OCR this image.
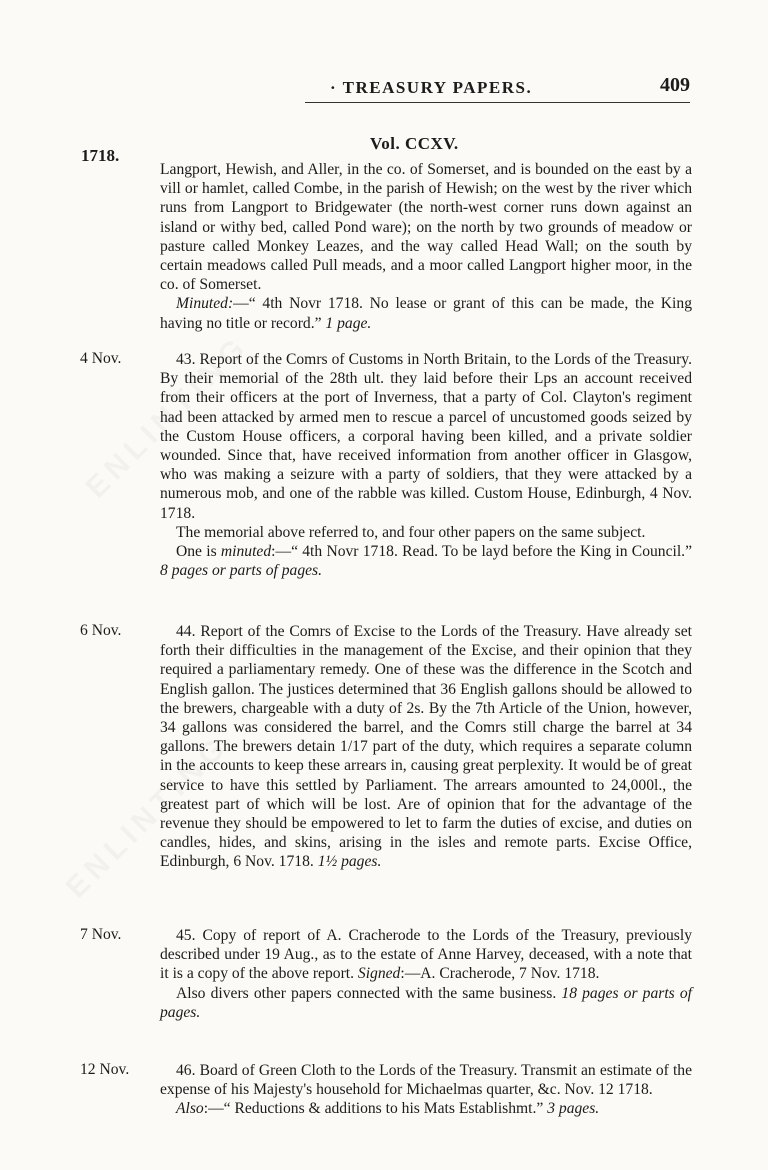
· TREASURY PAPERS.	409
1718.
Vol. CCXV.

Langport, Hewish, and Aller, in the co. of Somerset, and is bounded on the east by a vill or hamlet, called Combe, in the parish of Hewish; on the west by the river which runs from Langport to Bridgewater (the north-west corner runs down against an island or withy bed, called Pond ware); on the north by two grounds of meadow or pasture called Monkey Leazes, and the way called Head Wall; on the south by certain meadows called Pull meads, and a moor called Langport higher moor, in the co. of Somerset.

Minuted:—“ 4th Novr 1718. No lease or grant of this can be made, the King having no title or record.” 1 page.

4 Nov.	43. Report of the Comrs of Customs in North Britain, to the Lords of the Treasury. By their memorial of the 28th ult. they laid before their Lps an account received from their officers at the port of Inverness, that a party of Col. Clayton's regiment had been attacked by armed men to rescue a parcel of uncustomed goods seized by the Custom House officers, a corporal having been killed, and a private soldier wounded. Since that, have received information from another officer in Glasgow, who was making a seizure with a party of soldiers, that they were attacked by a numerous mob, and one of the rabble was killed. Custom House, Edinburgh, 4 Nov. 1718.

The memorial above referred to, and four other papers on the same subject.

One is minuted:—“ 4th Novr 1718. Read. To be layd before the King in Council.” 8 pages or parts of pages.

6 Nov.	44. Report of the Comrs of Excise to the Lords of the Treasury. Have already set forth their difficulties in the management of the Excise, and their opinion that they required a parliamentary remedy. One of these was the difference in the Scotch and English gallon. The justices determined that 36 English gallons should be allowed to the brewers, chargeable with a duty of 2s. By the 7th Article of the Union, however, 34 gallons was considered the barrel, and the Comrs still charge the barrel at 34 gallons. The brewers detain 1/17 part of the duty, which requires a separate column in the accounts to keep these arrears in, causing great perplexity. It would be of great service to have this settled by Parliament. The arrears amounted to 24,000l., the greatest part of which will be lost. Are of opinion that for the advantage of the revenue they should be empowered to let to farm the duties of excise, and duties on candles, hides, and skins, arising in the isles and remote parts. Excise Office, Edinburgh, 6 Nov. 1718. 1½ pages.

7 Nov.	45. Copy of report of A. Cracherode to the Lords of the Treasury, previously described under 19 Aug., as to the estate of Anne Harvey, deceased, with a note that it is a copy of the above report. Signed:—A. Cracherode, 7 Nov. 1718.

Also divers other papers connected with the same business. 18 pages or parts of pages.

12 Nov.	46. Board of Green Cloth to the Lords of the Treasury. Transmit an estimate of the expense of his Majesty's household for Michaelmas quarter, &c. Nov. 12 1718.

Also:—“ Reductions & additions to his Mats Establishmt.” 3 pages.
